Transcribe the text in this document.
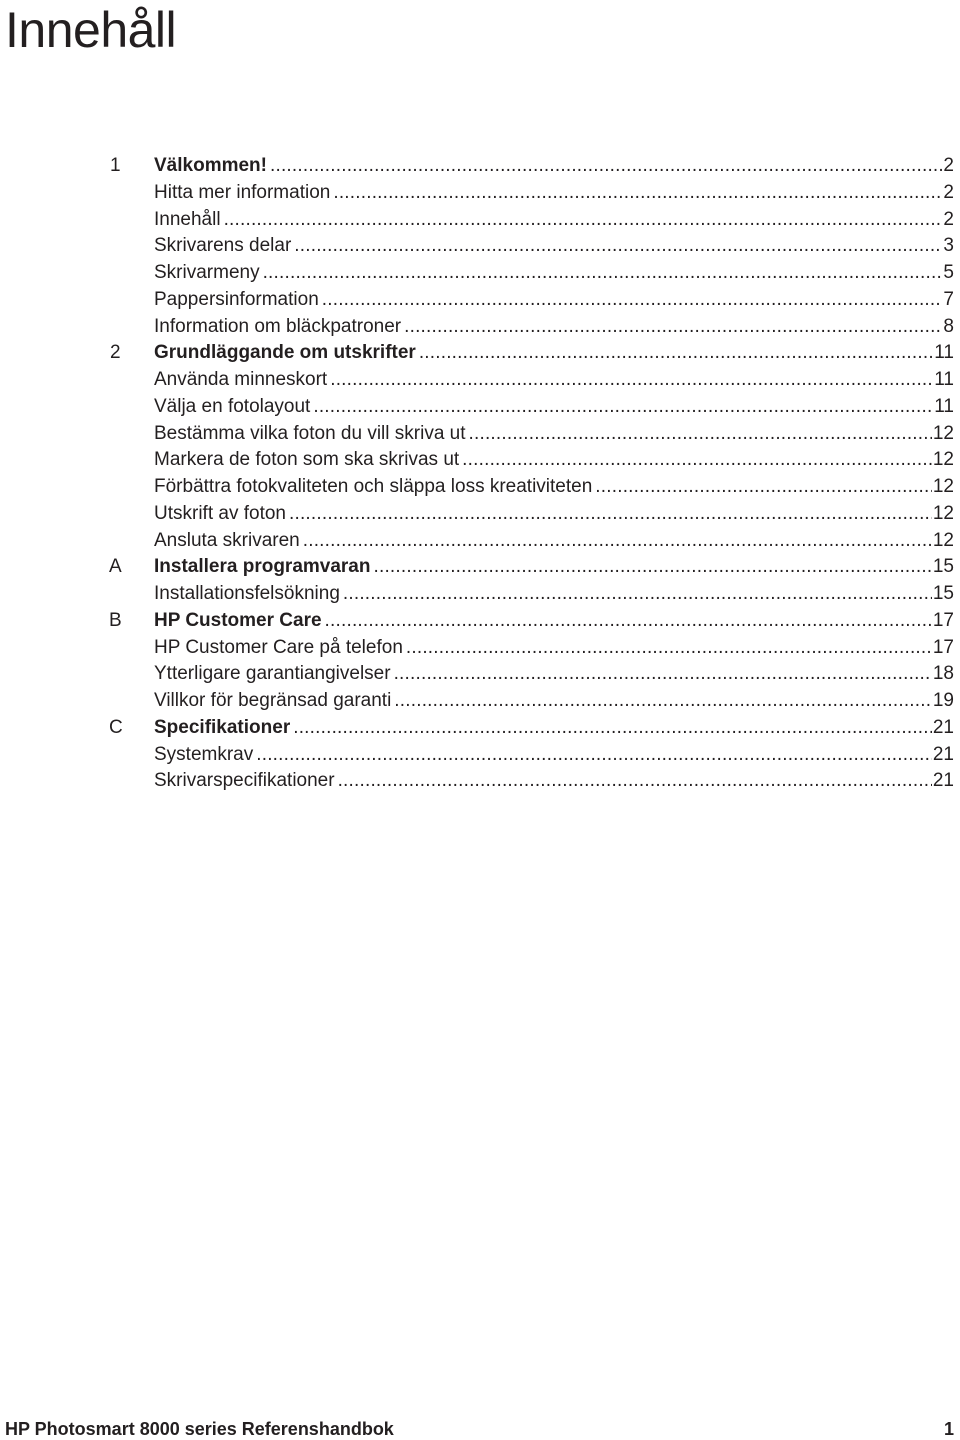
Innehåll
1	Välkommen! .....	2
Hitta mer information .....	2
Innehåll .....	2
Skrivarens delar .....	3
Skrivarmeny .....	5
Pappersinformation .....	7
Information om bläckpatroner .....	8
2	Grundläggande om utskrifter .....	11
Använda minneskort .....	11
Välja en fotolayout .....	11
Bestämma vilka foton du vill skriva ut .....	12
Markera de foton som ska skrivas ut .....	12
Förbättra fotokvaliteten och släppa loss kreativiteten .....	12
Utskrift av foton .....	12
Ansluta skrivaren .....	12
A	Installera programvaran .....	15
Installationsfelsökning .....	15
B	HP Customer Care .....	17
HP Customer Care på telefon .....	17
Ytterligare garantiangivelser .....	18
Villkor för begränsad garanti .....	19
C	Specifikationer .....	21
Systemkrav .....	21
Skrivarspecifikationer .....	21
HP Photosmart 8000 series Referenshandbok	1
